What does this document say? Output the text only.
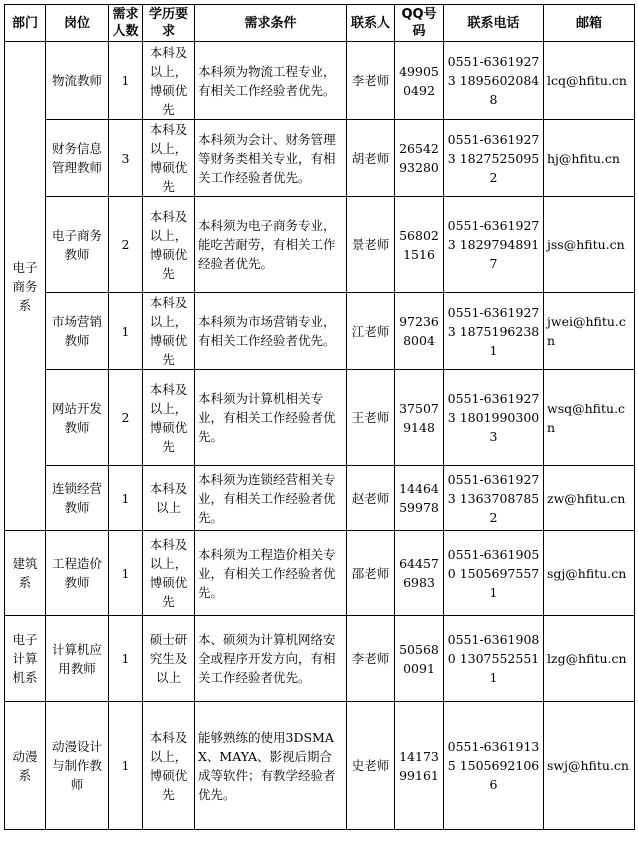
部门	岗位	需求人数	学历要求	需求条件	联系人	QQ号码	联系电话	邮箱
电子商务系	物流教师	1	本科及以上，博硕优先	本科须为物流工程专业，有相关工作经验者优先。	李老师	499050492	0551-63619273 18956020848	lcq@hfitu.cn
	财务信息管理教师	3	本科及以上，博硕优先	本科须为会计、财务管理等财务类相关专业，有相关工作经验者优先。	胡老师	2654293280	0551-63619273 18275250952	hj@hfitu.cn
	电子商务教师	2	本科及以上，博硕优先	本科须为电子商务专业，能吃苦耐劳，有相关工作经验者优先。	景老师	568021516	0551-63619273 18297948917	jss@hfitu.cn
	市场营销教师	1	本科及以上，博硕优先	本科须为市场营销专业，有相关工作经验者优先。	江老师	972368004	0551-63619273 18751962381	jwei@hfitu.cn
	网站开发教师	2	本科及以上，博硕优先	本科须为计算机相关专业，有相关工作经验者优先。	王老师	375079148	0551-63619273 18019903003	wsq@hfitu.cn
	连锁经营教师	1	本科及以上	本科须为连锁经营相关专业，有相关工作经验者优先。	赵老师	1446459978	0551-63619273 13637087852	zw@hfitu.cn
建筑系	工程造价教师	1	本科及以上，博硕优先	本科须为工程造价相关专业，有相关工作经验者优先。	邵老师	644576983	0551-63619050 15056975571	sgj@hfitu.cn
电子计算机系	计算机应用教师	1	硕士研究生及以上	本、硕须为计算机网络安全或程序开发方向，有相关工作经验者优先。	李老师	505680091	0551-63619080 13075525511	lzg@hfitu.cn
动漫系	动漫设计与制作教师	1	本科及以上，博硕优先	能够熟练的使用3DSMAX、MAYA、影视后期合成等软件；有教学经验者优先。	史老师	1417399161	0551-63619135 15056921066	swj@hfitu.cn
